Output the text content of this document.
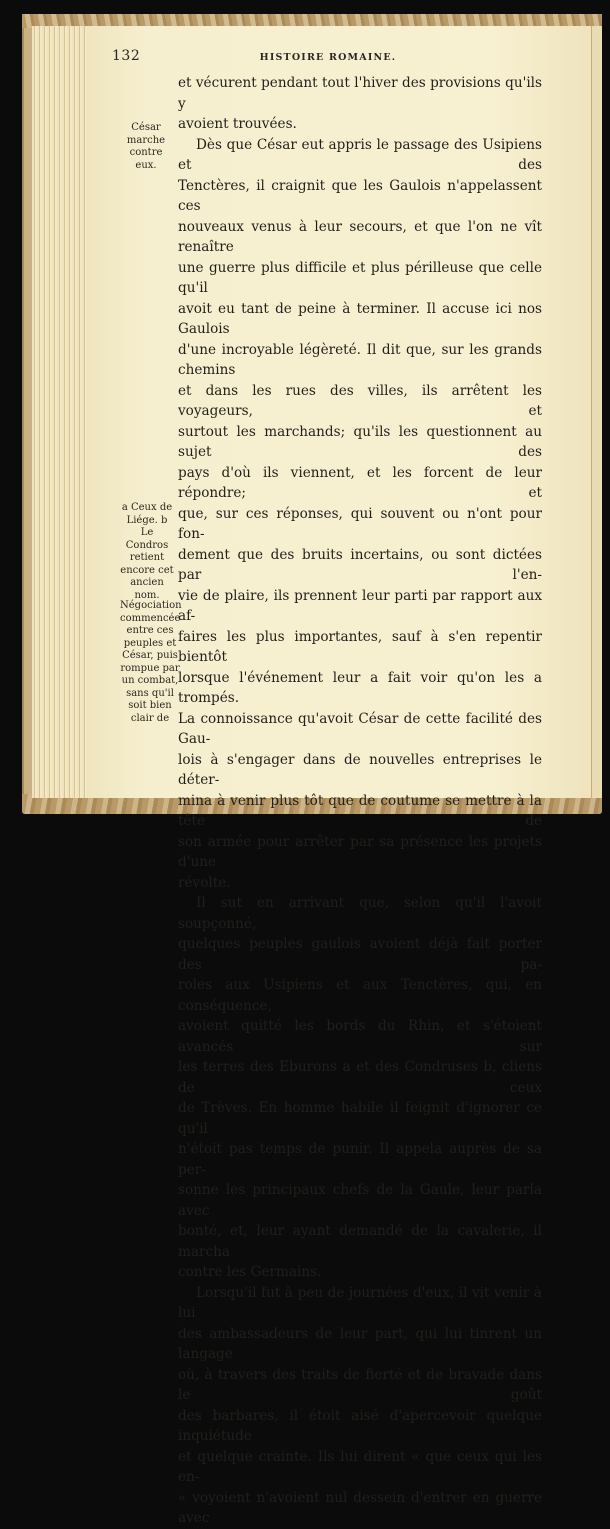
132	HISTOIRE ROMAINE.
César marche contre eux.
a Ceux de Liége. b Le Condros retient encore cet ancien nom.
Négociation commencée entre ces peuples et César, puis rompue par un combat, sans qu'il soit bien clair de

et vécurent pendant tout l'hiver des provisions qu'ils y

avoient trouvées.

Dès que César eut appris le passage des Usipiens et des

Tenctères, il craignit que les Gaulois n'appelassent ces

nouveaux venus à leur secours, et que l'on ne vît renaître

une guerre plus difficile et plus périlleuse que celle qu'il

avoit eu tant de peine à terminer. Il accuse ici nos Gaulois

d'une incroyable légèreté. Il dit que, sur les grands chemins

et dans les rues des villes, ils arrêtent les voyageurs, et

surtout les marchands; qu'ils les questionnent au sujet des

pays d'où ils viennent, et les forcent de leur répondre; et

que, sur ces réponses, qui souvent ou n'ont pour fon-

dement que des bruits incertains, ou sont dictées par l'en-

vie de plaire, ils prennent leur parti par rapport aux af-

faires les plus importantes, sauf à s'en repentir bientôt

lorsque l'événement leur a fait voir qu'on les a trompés.

La connoissance qu'avoit César de cette facilité des Gau-

lois à s'engager dans de nouvelles entreprises le déter-

mina à venir plus tôt que de coutume se mettre à la tête de

son armée pour arrêter par sa présence les projets d'une

révolte.

Il sut en arrivant que, selon qu'il l'avoit soupçonné,

quelques peuples gaulois avoient déjà fait porter des pa-

roles aux Usipiens et aux Tenctères, qui, en conséquence,

avoient quitté les bords du Rhin, et s'étoient avancés sur

les terres des Eburons a et des Condruses b, cliens de ceux

de Trèves. En homme habile il feignit d'ignorer ce qu'il

n'étoit pas temps de punir. Il appela auprès de sa per-

sonne les principaux chefs de la Gaule, leur parla avec

bonté, et, leur ayant demandé de la cavalerie, il marcha

contre les Germains.

Lorsqu'il fut à peu de journées d'eux, il vit venir à lui

des ambassadeurs de leur part, qui lui tinrent un langage

où, à travers des traits de fierté et de bravade dans le goût

des barbares, il étoit aisé d'apercevoir quelque inquiétude

et quelque crainte. Ils lui dirent « que ceux qui les en-

« voyoient n'avoient nul dessein d'entrer en guerre avec
